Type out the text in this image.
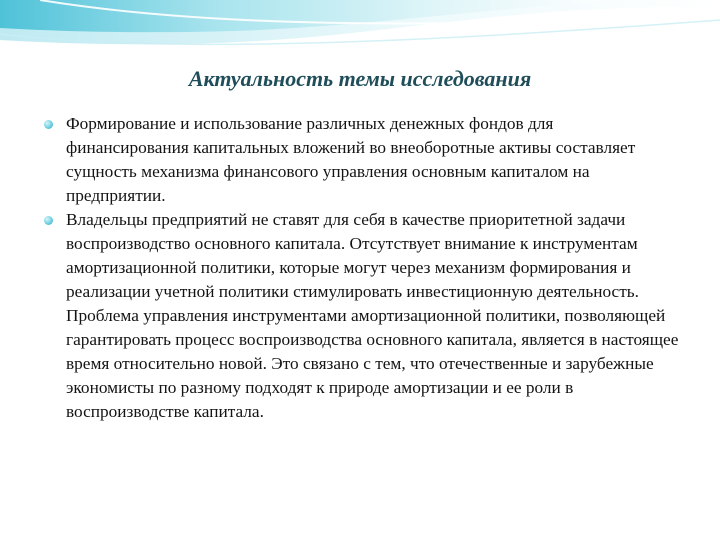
Актуальность темы исследования

Формирование и использование различных денежных фондов для финансирования капитальных вложений во внеоборотные активы составляет сущность механизма финансового управления основным капиталом на предприятии.

Владельцы предприятий не ставят для себя в качестве приоритетной задачи воспроизводство основного капитала. Отсутствует внимание к инструментам амортизационной политики, которые могут через механизм формирования и реализации учетной политики стимулировать инвестиционную деятельность. Проблема управления инструментами амортизационной политики, позволяющей гарантировать процесс воспроизводства основного капитала, является в настоящее время относительно новой. Это связано с тем, что отечественные и зарубежные экономисты по разному подходят к природе амортизации и ее роли в воспроизводстве капитала.
